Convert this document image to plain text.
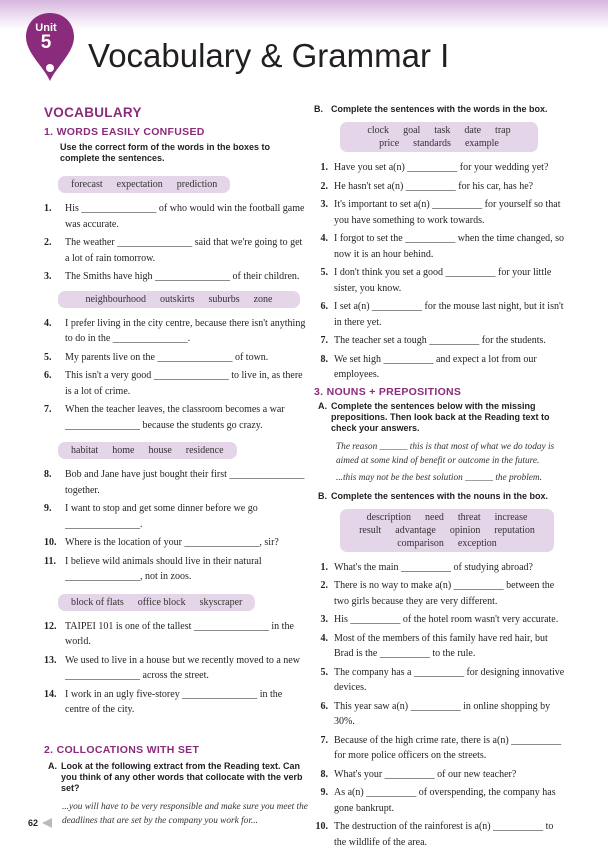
Unit
5	Vocabulary & Grammar I
VOCABULARY
1. WORDS EASILY CONFUSED
Use the correct form of the words in the boxes to complete the sentences.
forecast expectation prediction
1.	His _______________ of who would win the football game was accurate.
2.	The weather _______________ said that we're going to get a lot of rain tomorrow.
3.	The Smiths have high _______________ of their children.
neighbourhood outskirts suburbs zone
4.	I prefer living in the city centre, because there isn't anything to do in the _______________.
5.	My parents live on the _______________ of town.
6.	This isn't a very good _______________ to live in, as there is a lot of crime.
7.	When the teacher leaves, the classroom becomes a war _______________ because the students go crazy.
habitat home house residence
8.	Bob and Jane have just bought their first _______________ together.
9.	I want to stop and get some dinner before we go _______________.
10. Where is the location of your _______________, sir?
11. I believe wild animals should live in their natural _______________, not in zoos.
block of flats office block skyscraper
12. TAIPEI 101 is one of the tallest _______________ in the world.
13. We used to live in a house but we recently moved to a new _______________ across the street.
14. I work in an ugly five-storey _______________ in the centre of the city.
2. COLLOCATIONS WITH SET
A. Look at the following extract from the Reading text. Can you think of any other words that collocate with the verb set?
...you will have to be very responsible and make sure you meet the deadlines that are set by the company you work for...
B. Complete the sentences with the words in the box.
clock goal task date trap
price standards example
1. Have you set a(n) __________ for your wedding yet?
2. He hasn't set a(n) __________ for his car, has he?
3. It's important to set a(n) __________ for yourself so that you have something to work towards.
4. I forgot to set the __________ when the time changed, so now it is an hour behind.
5. I don't think you set a good __________ for your little sister, you know.
6. I set a(n) __________ for the mouse last night, but it isn't in there yet.
7. The teacher set a tough __________ for the students.
8. We set high __________ and expect a lot from our employees.
3. NOUNS + PREPOSITIONS
A. Complete the sentences below with the missing prepositions. Then look back at the Reading text to check your answers.
The reason ______ this is that most of what we do today is aimed at some kind of benefit or outcome in the future.
...this may not be the best solution ______ the problem.
B. Complete the sentences with the nouns in the box.
description need threat increase
result advantage opinion reputation
comparison exception
1. What's the main __________ of studying abroad?
2. There is no way to make a(n) __________ between the two girls because they are very different.
3. His __________ of the hotel room wasn't very accurate.
4. Most of the members of this family have red hair, but Brad is the __________ to the rule.
5. The company has a __________ for designing innovative devices.
6. This year saw a(n) __________ in online shopping by 30%.
7. Because of the high crime rate, there is a(n) __________ for more police officers on the streets.
8. What's your __________ of our new teacher?
9. As a(n) __________ of overspending, the company has gone bankrupt.
10. The destruction of the rainforest is a(n) __________ to the wildlife of the area.
62
